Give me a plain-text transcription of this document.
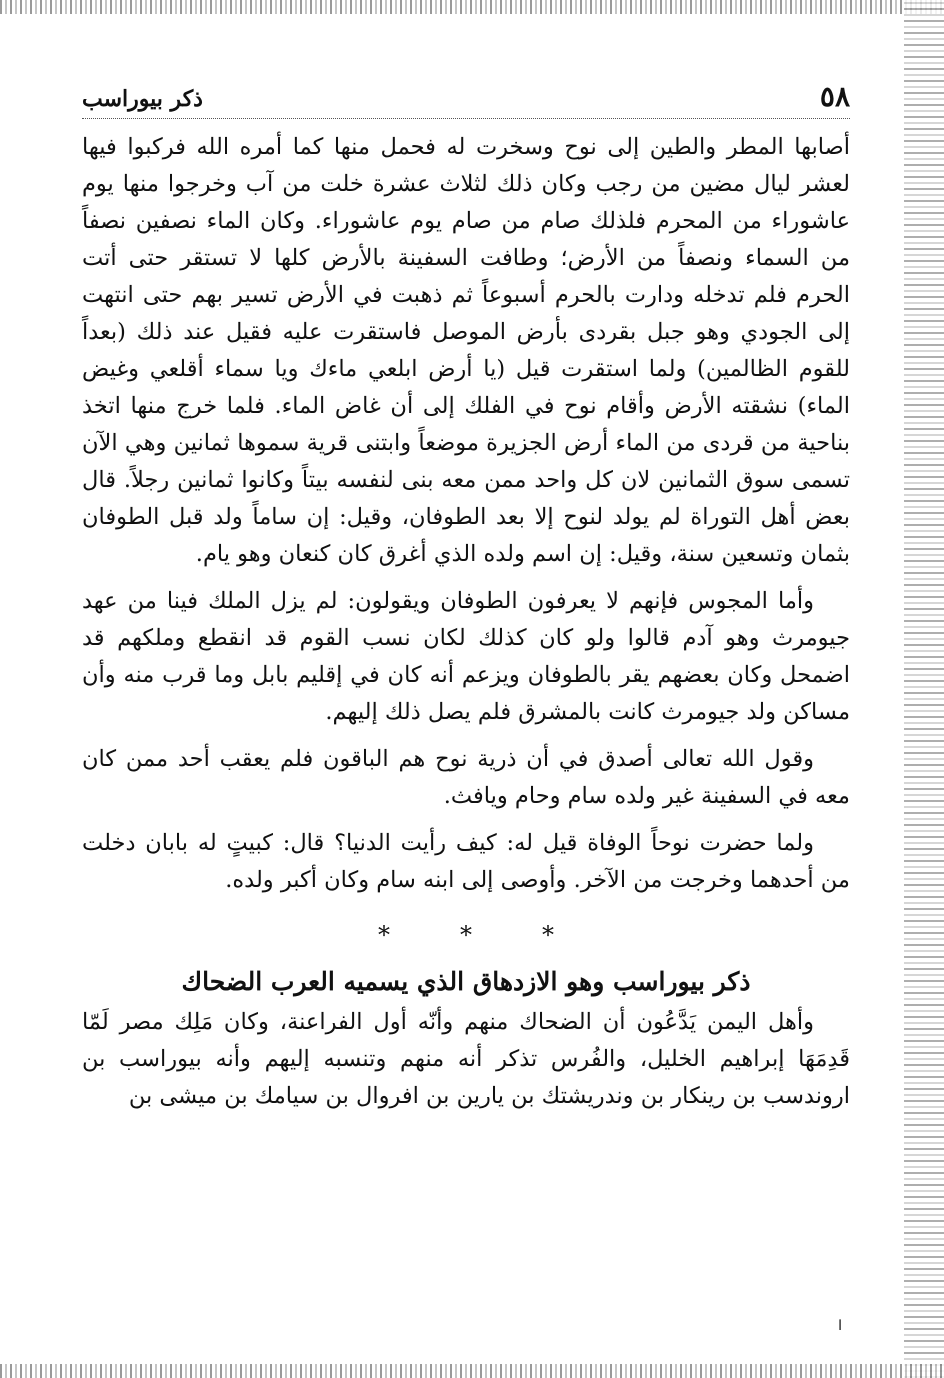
٥٨
ذكر بيوراسب

أصابها المطر والطين إلى نوح وسخرت له فحمل منها كما أمره الله فركبوا فيها لعشر ليال مضين من رجب وكان ذلك لثلاث عشرة خلت من آب وخرجوا منها يوم عاشوراء من المحرم فلذلك صام من صام يوم عاشوراء. وكان الماء نصفين نصفاً من السماء ونصفاً من الأرض؛ وطافت السفينة بالأرض كلها لا تستقر حتى أتت الحرم فلم تدخله ودارت بالحرم أسبوعاً ثم ذهبت في الأرض تسير بهم حتى انتهت إلى الجودي وهو جبل بقردى بأرض الموصل فاستقرت عليه فقيل عند ذلك (بعداً للقوم الظالمين) ولما استقرت قيل (يا أرض ابلعي ماءك ويا سماء أقلعي وغيض الماء) نشقته الأرض وأقام نوح في الفلك إلى أن غاض الماء. فلما خرج منها اتخذ بناحية من قردى من الماء أرض الجزيرة موضعاً وابتنى قرية سموها ثمانين وهي الآن تسمى سوق الثمانين لان كل واحد ممن معه بنى لنفسه بيتاً وكانوا ثمانين رجلاً. قال بعض أهل التوراة لم يولد لنوح إلا بعد الطوفان، وقيل: إن ساماً ولد قبل الطوفان بثمان وتسعين سنة، وقيل: إن اسم ولده الذي أغرق كان كنعان وهو يام.

وأما المجوس فإنهم لا يعرفون الطوفان ويقولون: لم يزل الملك فينا من عهد جيومرث وهو آدم قالوا ولو كان كذلك لكان نسب القوم قد انقطع وملكهم قد اضمحل وكان بعضهم يقر بالطوفان ويزعم أنه كان في إقليم بابل وما قرب منه وأن مساكن ولد جيومرث كانت بالمشرق فلم يصل ذلك إليهم.

وقول الله تعالى أصدق في أن ذرية نوح هم الباقون فلم يعقب أحد ممن كان معه في السفينة غير ولده سام وحام ويافث.

ولما حضرت نوحاً الوفاة قيل له: كيف رأيت الدنيا؟ قال: كبيتٍ له بابان دخلت من أحدهما وخرجت من الآخر. وأوصى إلى ابنه سام وكان أكبر ولده.

*	*	*
ذكر بيوراسب وهو الازدهاق الذي يسميه العرب الضحاك

وأهل اليمن يَدَّعُون أن الضحاك منهم وأنّه أول الفراعنة، وكان مَلِك مصر لَمّا قَدِمَهَا إبراهيم الخليل، والفُرس تذكر أنه منهم وتنسبه إليهم وأنه بيوراسب بن اروندسب بن رينكار بن وندريشتك بن يارين بن افروال بن سيامك بن ميشى بن

ا
